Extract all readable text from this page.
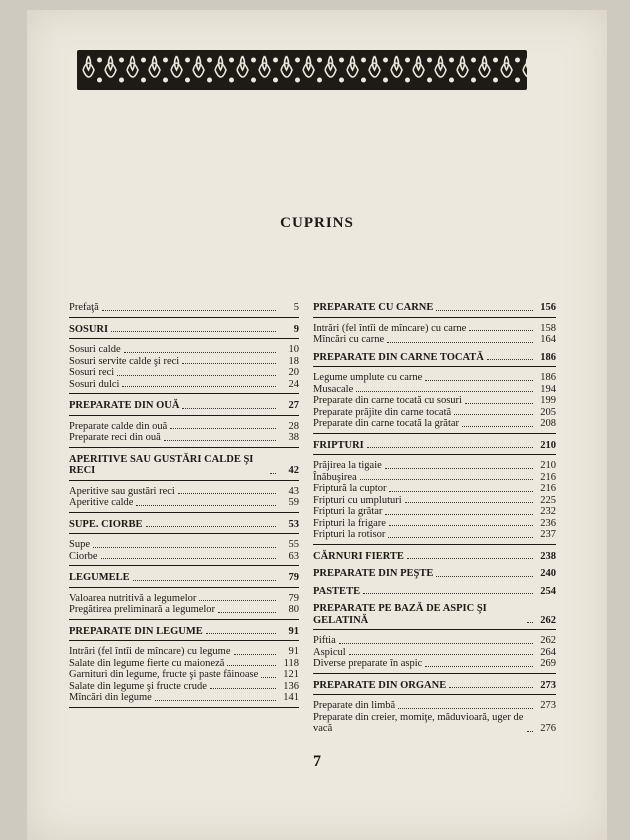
CUPRINS
Prefaţă	5
SOSURI	9
Sosuri calde	10
Sosuri servite calde şi reci	18
Sosuri reci	20
Sosuri dulci	24
PREPARATE DIN OUĂ	27
Preparate calde din ouă	28
Preparate reci din ouă	38
APERITIVE SAU GUSTĂRI CALDE ŞI RECI	42
Aperitive sau gustări reci	43
Aperitive calde	59
SUPE. CIORBE	53
Supe	55
Ciorbe	63
LEGUMELE	79
Valoarea nutritivă a legumelor	79
Pregătirea preliminară a legumelor	80
PREPARATE DIN LEGUME	91
Intrări (fel întîi de mîncare) cu legume	91
Salate din legume fierte cu maioneză	118
Garnituri din legume, fructe şi paste făinoase	121
Salate din legume şi fructe crude	136
Mîncări din legume	141
PREPARATE CU CARNE	156
Intrări (fel întîi de mîncare) cu carne	158
Mîncări cu carne	164
PREPARATE DIN CARNE TOCATĂ	186
Legume umplute cu carne	186
Musacale	194
Preparate din carne tocată cu sosuri	199
Preparate prăjite din carne tocată	205
Preparate din carne tocată la grătar	208
FRIPTURI	210
Prăjirea la tigaie	210
Înăbuşirea	216
Friptură la cuptor	216
Fripturi cu umpluturi	225
Fripturi la grătar	232
Fripturi la frigare	236
Fripturi la rotisor	237
CĂRNURI FIERTE	238
PREPARATE DIN PEŞTE	240
PASTETE	254
PREPARATE PE BAZĂ DE ASPIC ŞI GELATINĂ	262
Piftia	262
Aspicul	264
Diverse preparate în aspic	269
PREPARATE DIN ORGANE	273
Preparate din limbă	273
Preparate din creier, momiţe, măduvioară, uger de vacă	276
7
